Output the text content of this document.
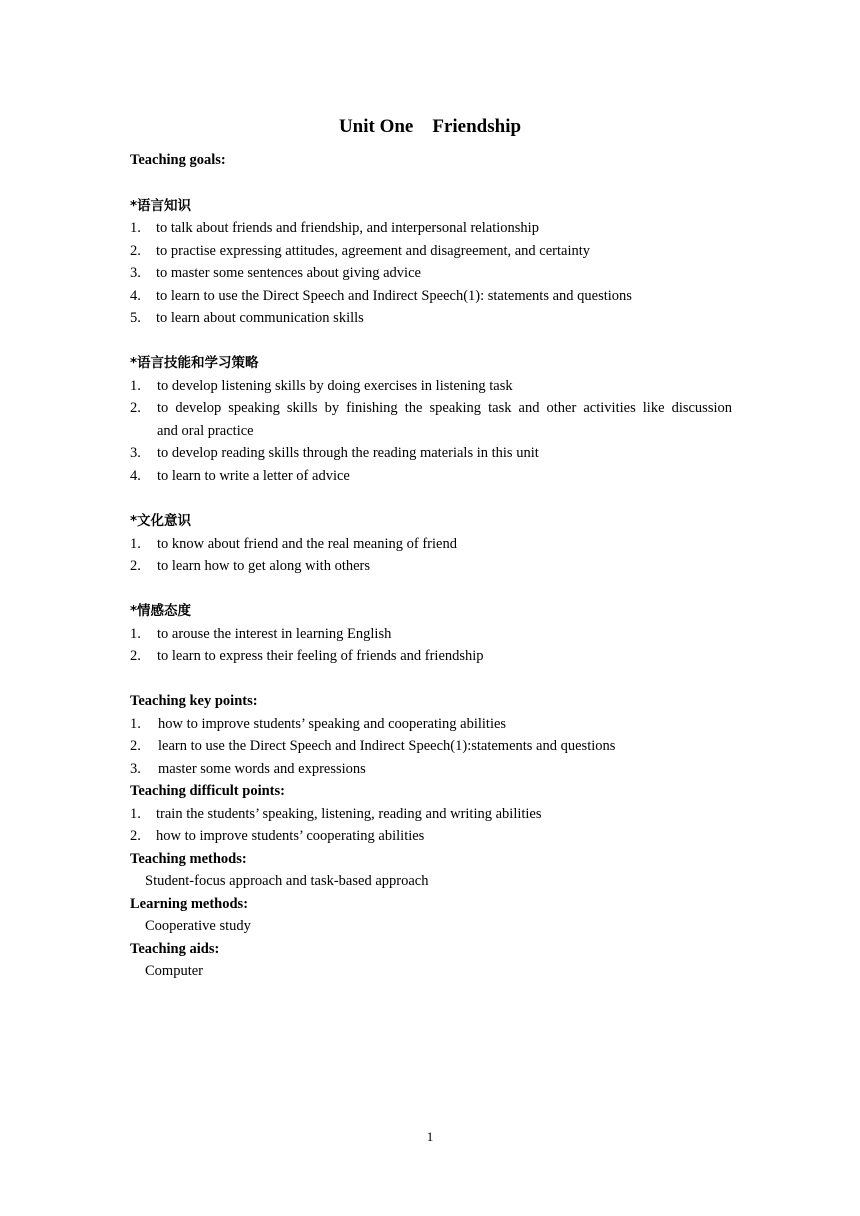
Unit One    Friendship
Teaching goals:
*语言知识
1. to talk about friends and friendship, and interpersonal relationship
2. to practise expressing attitudes, agreement and disagreement, and certainty
3. to master some sentences about giving advice
4. to learn to use the Direct Speech and Indirect Speech(1): statements and questions
5. to learn about communication skills
*语言技能和学习策略
1. to develop listening skills by doing exercises in listening task
2.	to develop speaking skills by finishing the speaking task and other activities like discussion
and oral practice
3. to develop reading skills through the reading materials in this unit
4. to learn to write a letter of advice
*文化意识
1. to know about friend and the real meaning of friend
2. to learn how to get along with others
*情感态度
1. to arouse the interest in learning English
2. to learn to express their feeling of friends and friendship
Teaching key points:
1. how to improve students’ speaking and cooperating abilities
2. learn to use the Direct Speech and Indirect Speech(1):statements and questions
3. master some words and expressions
Teaching difficult points:
1. train the students’ speaking, listening, reading and writing abilities
2. how to improve students’ cooperating abilities
Teaching methods:
Student-focus approach and task-based approach
Learning methods:
Cooperative study
Teaching aids:
Computer
1
